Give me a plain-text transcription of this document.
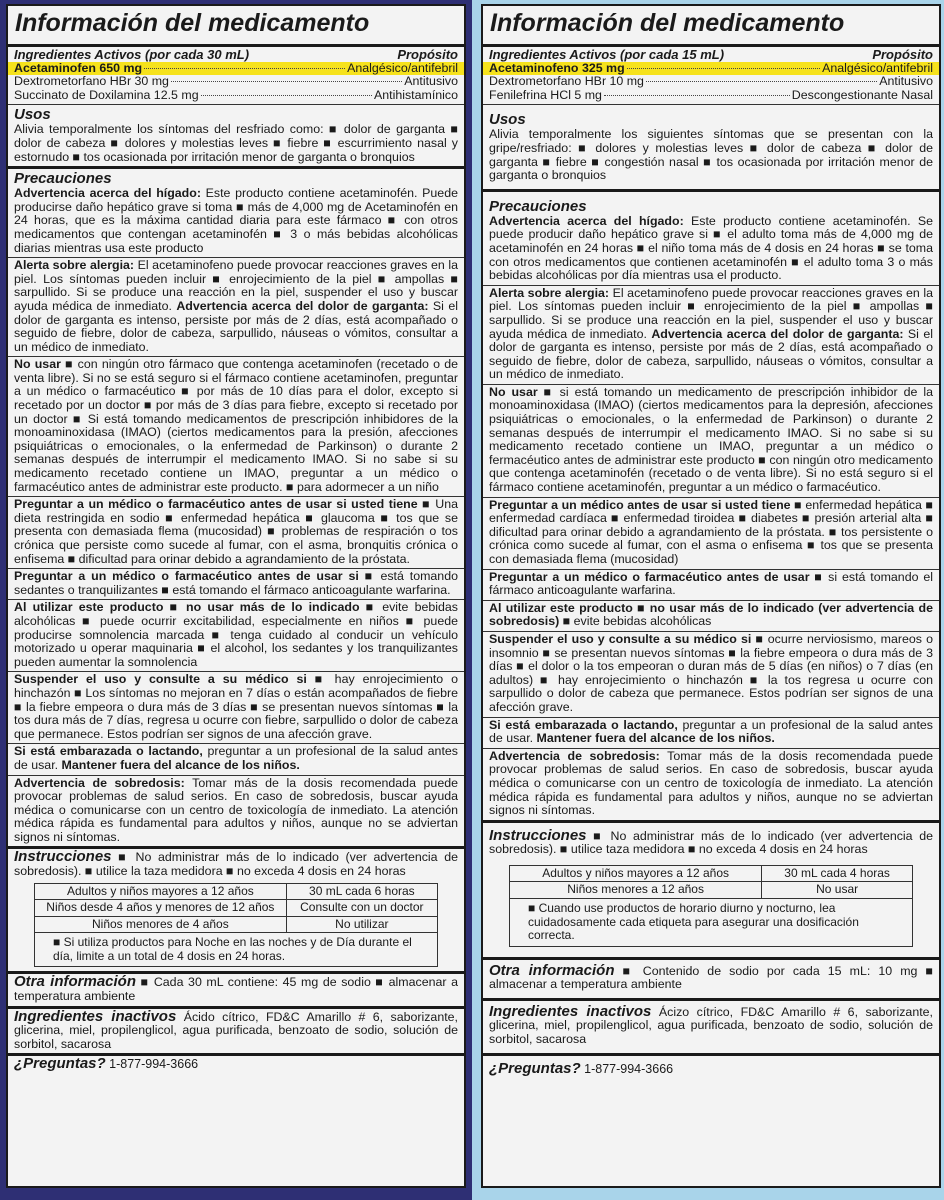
Información del medicamento
Ingredientes Activos (por cada 30 mL)	Propósito
Acetaminofen 650 mg	Analgésico/antifebril
Dextrometorfano HBr 30 mg	Antitusivo
Succinato de Doxilamina 12.5 mg	Antihistamínico
Usos
Alivia temporalmente los síntomas del resfriado como: ■ dolor de garganta ■ dolor de cabeza ■ dolores y molestias leves ■ fiebre ■ escurrimiento nasal y estornudo ■ tos ocasionada por irritación menor de garganta o bronquios
Precauciones
Advertencia acerca del hígado: Este producto contiene acetaminofén. Puede producirse daño hepático grave si toma ■ más de 4,000 mg de Acetaminofén en 24 horas, que es la máxima cantidad diaria para este fármaco ■ con otros medicamentos que contengan acetaminofén ■ 3 o más bebidas alcohólicas diarias mientras usa este producto
Alerta sobre alergia: El acetaminofeno puede provocar reacciones graves en la piel. Los síntomas pueden incluir ■ enrojecimiento de la piel ■ ampollas ■ sarpullido. Si se produce una reacción en la piel, suspender el uso y buscar ayuda médica de inmediato. Advertencia acerca del dolor de garganta: Si el dolor de garganta es intenso, persiste por más de 2 días, está acompañado o seguido de fiebre, dolor de cabeza, sarpullido, náuseas o vómitos, consultar a un médico de inmediato.
No usar ■ con ningún otro fármaco que contenga acetaminofen (recetado o de venta libre). Si no se está seguro si el fármaco contiene acetaminofen, preguntar a un médico o farmacéutico ■ por más de 10 días para el dolor, excepto si recetado por un doctor ■ por más de 3 días para fiebre, excepto si recetado por un doctor ■ Si está tomando medicamentos de prescripción inhibidores de la monoaminoxidasa (IMAO) (ciertos medicamentos para la presión, afecciones psiquiátricas o emocionales, o la enfermedad de Parkinson) o durante 2 semanas después de interrumpir el medicamento IMAO. Si no sabe si su medicamento recetado contiene un IMAO, preguntar a un médico o farmacéutico antes de administrar este producto. ■ para adormecer a un niño
Preguntar a un médico o farmacéutico antes de usar si usted tiene ■ Una dieta restringida en sodio ■ enfermedad hepática ■ glaucoma ■ tos que se presenta con demasiada flema (mucosidad) ■ problemas de respiración o tos crónica que persiste como sucede al fumar, con el asma, bronquitis crónica o enfisema ■ dificultad para orinar debido a agrandamiento de la próstata.
Preguntar a un médico o farmacéutico antes de usar si ■ está tomando sedantes o tranquilizantes ■ está tomando el fármaco anticoagulante warfarina.
Al utilizar este producto ■ no usar más de lo indicado ■ evite bebidas alcohólicas ■ puede ocurrir excitabilidad, especialmente en niños ■ puede producirse somnolencia marcada ■ tenga cuidado al conducir un vehículo motorizado u operar maquinaria ■ el alcohol, los sedantes y los tranquilizantes pueden aumentar la somnolencia
Suspender el uso y consulte a su médico si ■ hay enrojecimiento o hinchazón ■ Los síntomas no mejoran en 7 días o están acompañados de fiebre ■ la fiebre empeora o dura más de 3 días ■ se presentan nuevos síntomas ■ la tos dura más de 7 días, regresa u ocurre con fiebre, sarpullido o dolor de cabeza que permanece. Estos podrían ser signos de una afección grave.
Si está embarazada o lactando, preguntar a un profesional de la salud antes de usar. Mantener fuera del alcance de los niños.
Advertencia de sobredosis: Tomar más de la dosis recomendada puede provocar problemas de salud serios. En caso de sobredosis, buscar ayuda médica o comunicarse con un centro de toxicología de inmediato. La atención médica rápida es fundamental para adultos y niños, aunque no se adviertan signos ni síntomas.
Instrucciones ■ No administrar más de lo indicado (ver advertencia de sobredosis). ■ utilice la taza medidora ■ no exceda 4 dosis en 24 horas
Adultos y niños mayores a 12 años	30 mL cada 6 horas
Niños desde 4 años y menores de 12 años	Consulte con un doctor
Niños menores de 4 años	No utilizar
■ Si utiliza productos para Noche en las noches y de Día durante el día, limite a un total de 4 dosis en 24 horas.	
Otra información ■ Cada 30 mL contiene: 45 mg de sodio ■ almacenar a temperatura ambiente
Ingredientes inactivos Ácido cítrico, FD&C Amarillo # 6, saborizante, glicerina, miel, propilenglicol, agua purificada, benzoato de sodio, solución de sorbitol, sacarosa
¿Preguntas? 1-877-994-3666
Información del medicamento
Ingredientes Activos (por cada 15 mL)	Propósito
Acetaminofeno 325 mg	Analgésico/antifebril
Dextrometorfano HBr 10 mg	Antitusivo
Fenilefrina HCl 5 mg	Descongestionante Nasal
Usos
Alivia temporalmente los siguientes síntomas que se presentan con la gripe/resfriado: ■ dolores y molestias leves ■ dolor de cabeza ■ dolor de garganta ■ fiebre ■ congestión nasal ■ tos ocasionada por irritación menor de garganta o bronquios
Precauciones
Advertencia acerca del hígado: Este producto contiene acetaminofén. Se puede producir daño hepático grave si ■ el adulto toma más de 4,000 mg de acetaminofén en 24 horas ■ el niño toma más de 4 dosis en 24 horas ■ se toma con otros medicamentos que contienen acetaminofén ■ el adulto toma 3 o más bebidas alcohólicas por día mientras usa el producto.
Alerta sobre alergia: El acetaminofeno puede provocar reacciones graves en la piel. Los síntomas pueden incluir ■ enrojecimiento de la piel ■ ampollas ■ sarpullido. Si se produce una reacción en la piel, suspender el uso y buscar ayuda médica de inmediato. Advertencia acerca del dolor de garganta: Si el dolor de garganta es intenso, persiste por más de 2 días, está acompañado o seguido de fiebre, dolor de cabeza, sarpullido, náuseas o vómitos, consultar a un médico de inmediato.
No usar ■ si está tomando un medicamento de prescripción inhibidor de la monoaminoxidasa (IMAO) (ciertos medicamentos para la depresión, afecciones psiquiátricas o emocionales, o la enfermedad de Parkinson) o durante 2 semanas después de interrumpir el medicamento IMAO. Si no sabe si su medicamento recetado contiene un IMAO, preguntar a un médico o fermacéutico antes de administrar este producto ■ con ningún otro medicamento que contenga acetaminofén (recetado o de venta libre). Si no está seguro si el fármaco contiene acetaminofén, preguntar a un médico o farmacéutico.
Preguntar a un médico antes de usar si usted tiene ■ enfermedad hepática ■ enfermedad cardíaca ■ enfermedad tiroidea ■ diabetes ■ presión arterial alta ■ dificultad para orinar debido a agrandamiento de la próstata. ■ tos persistente o crónica como sucede al fumar, con el asma o enfisema ■ tos que se presenta con demasiada flema (mucosidad)
Preguntar a un médico o farmacéutico antes de usar ■ si está tomando el fármaco anticoagulante warfarina.
Al utilizar este producto ■ no usar más de lo indicado (ver advertencia de sobredosis) ■ evite bebidas alcohólicas
Suspender el uso y consulte a su médico si ■ ocurre nerviosismo, mareos o insomnio ■ se presentan nuevos síntomas ■ la fiebre empeora o dura más de 3 días ■ el dolor o la tos empeoran o duran más de 5 días (en niños) o 7 días (en adultos) ■ hay enrojecimiento o hinchazón ■ la tos regresa u ocurre con sarpullido o dolor de cabeza que permanece. Estos podrían ser signos de una afección grave.
Si está embarazada o lactando, preguntar a un profesional de la salud antes de usar. Mantener fuera del alcance de los niños.
Advertencia de sobredosis: Tomar más de la dosis recomendada puede provocar problemas de salud serios. En caso de sobredosis, buscar ayuda médica o comunicarse con un centro de toxicología de inmediato. La atención médica rápida es fundamental para adultos y niños, aunque no se adviertan signos ni síntomas.
Instrucciones ■ No administrar más de lo indicado (ver advertencia de sobredosis). ■ utilice taza medidora ■ no exceda 4 dosis en 24 horas
Adultos y niños mayores a 12 años	30 mL cada 4 horas
Niños menores a 12 años	No usar
■ Cuando use productos de horario diurno y nocturno, lea cuidadosamente cada etiqueta para asegurar una dosificación correcta.	
Otra información ■ Contenido de sodio por cada 15 mL: 10 mg ■ almacenar a temperatura ambiente
Ingredientes inactivos Ácizo cítrico, FD&C Amarillo # 6, saborizante, glicerina, miel, propilenglicol, agua purificada, benzoato de sodio, solución de sorbitol, sacarosa
¿Preguntas? 1-877-994-3666
